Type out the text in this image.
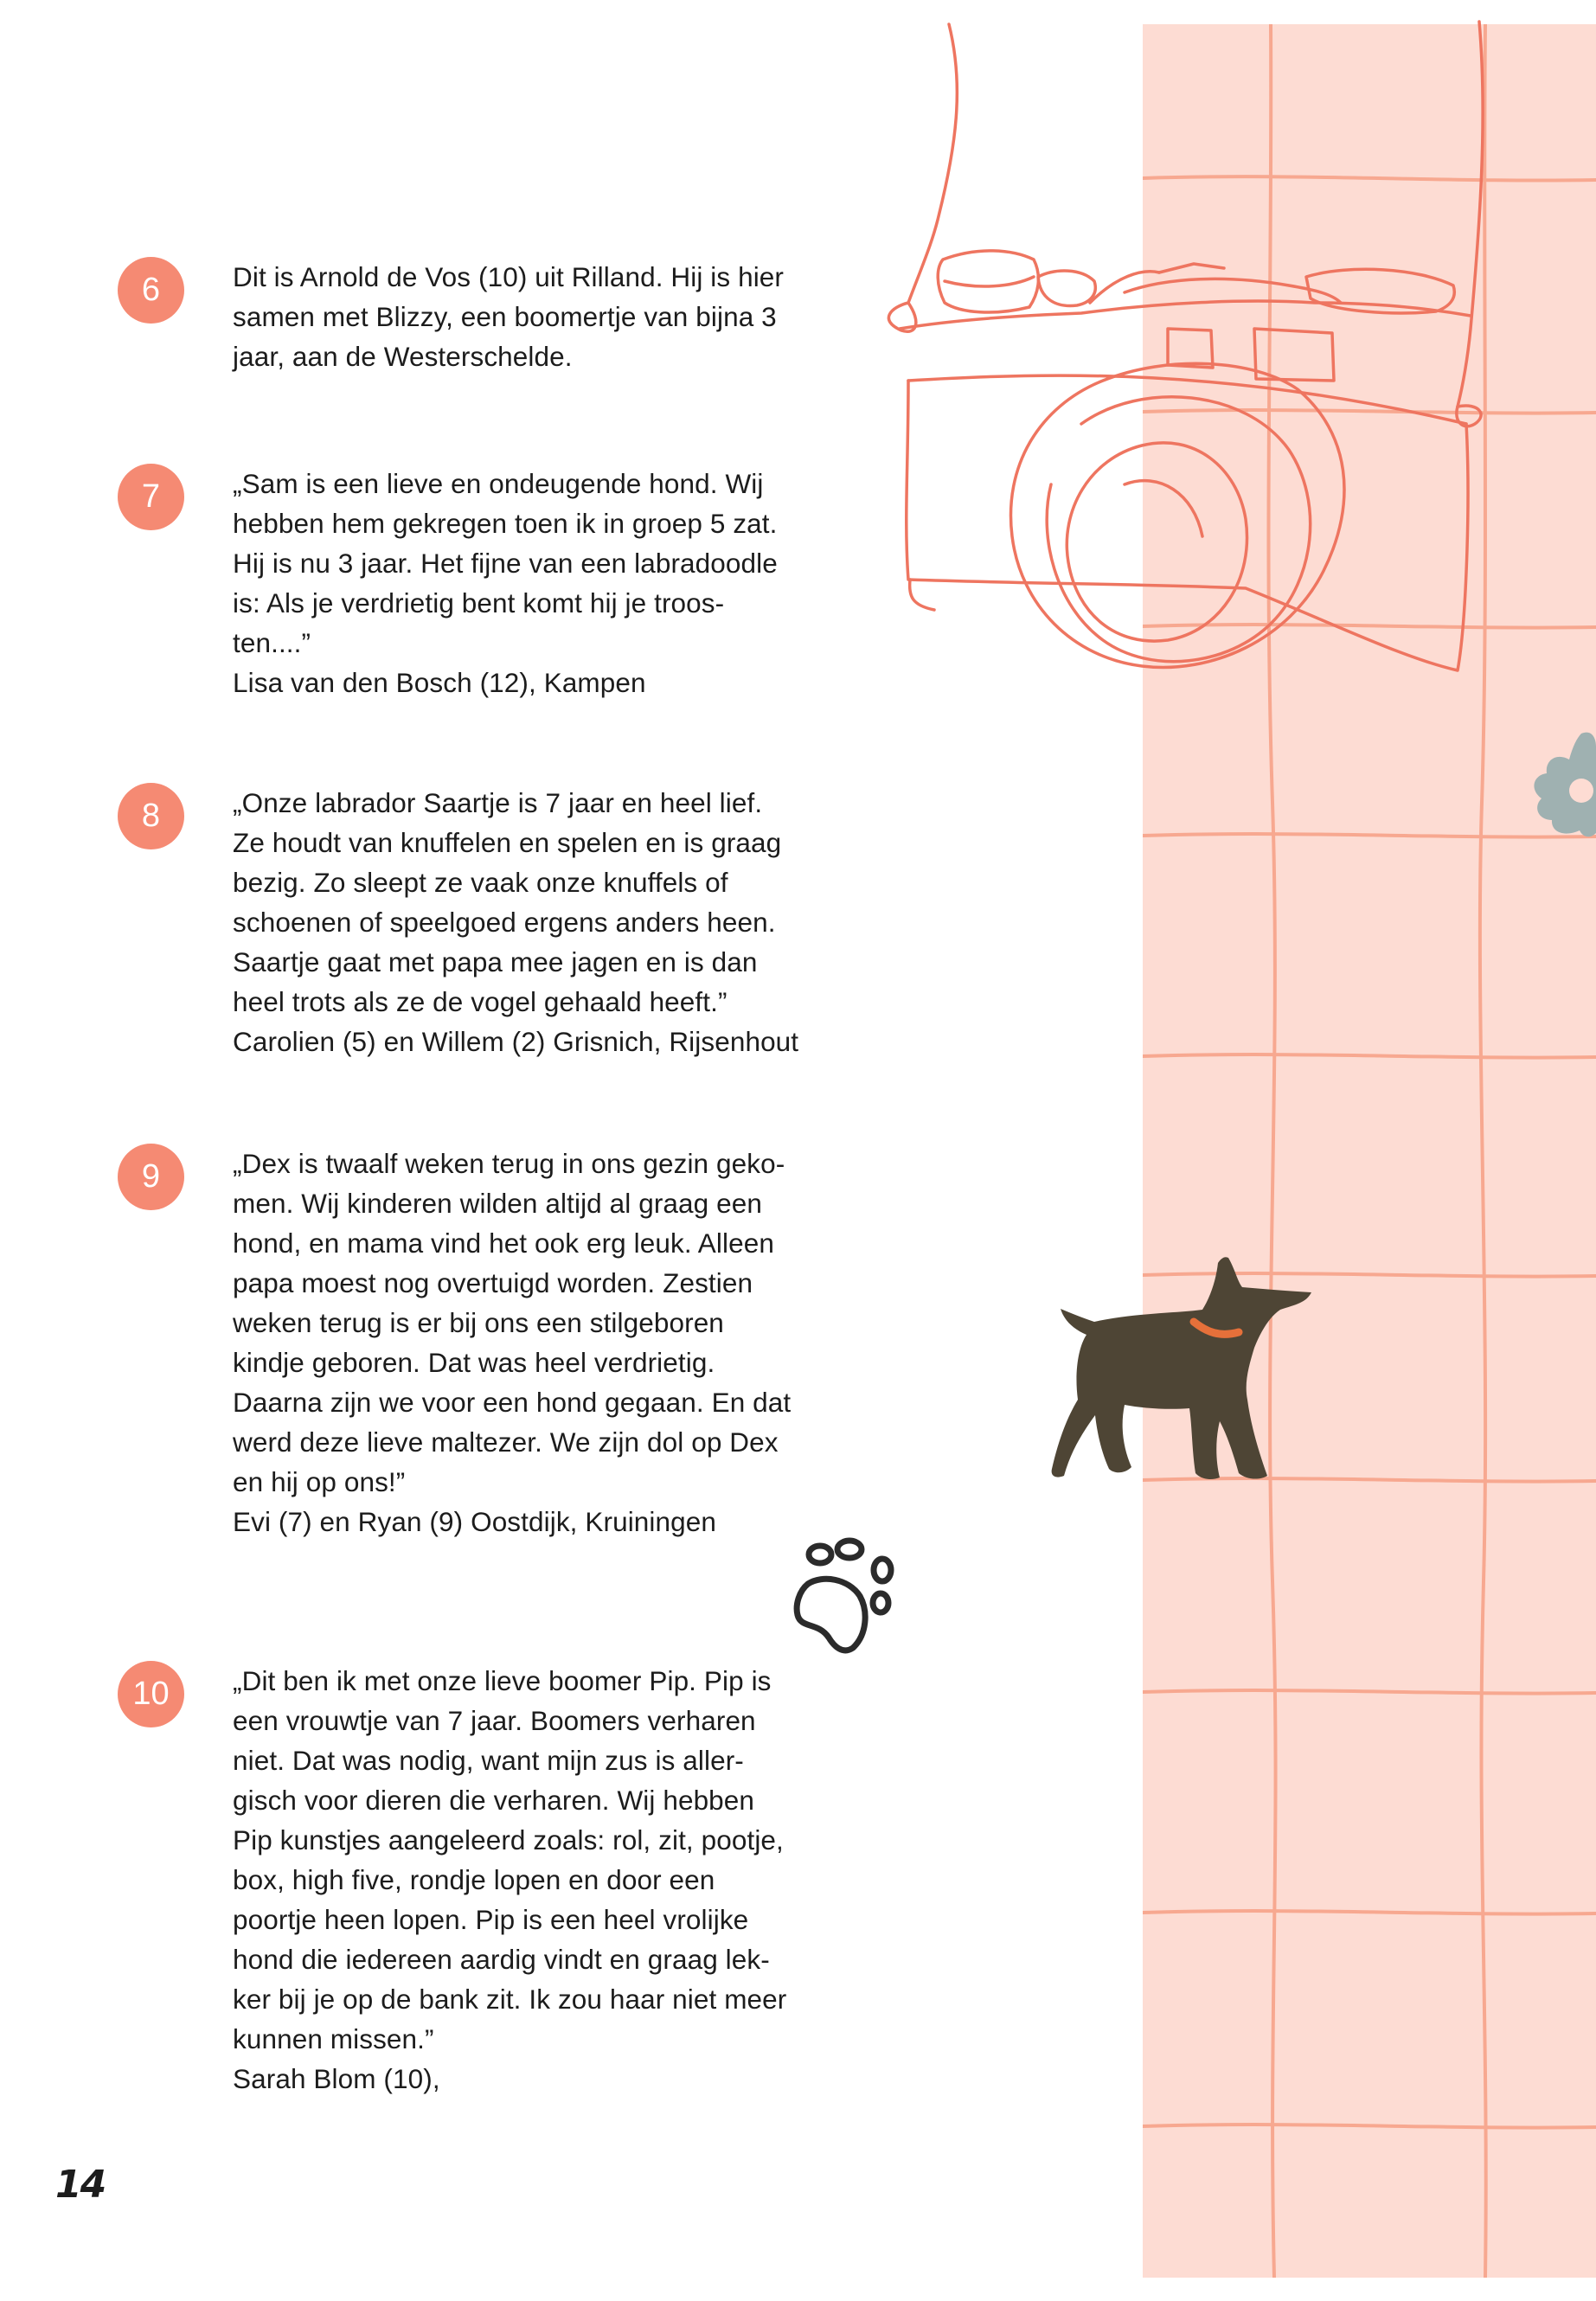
6	Dit is Arnold de Vos (10) uit Rilland. Hij is hier
samen met Blizzy, een boomertje van bijna 3
jaar, aan de Westerschelde.
7	„Sam is een lieve en ondeugende hond. Wij
hebben hem gekregen toen ik in groep 5 zat.
Hij is nu 3 jaar. Het fijne van een labradoodle
is: Als je verdrietig bent komt hij je troos-
ten....”
Lisa van den Bosch (12), Kampen
8	„Onze labrador Saartje is 7 jaar en heel lief.
Ze houdt van knuffelen en spelen en is graag
bezig. Zo sleept ze vaak onze knuffels of
schoenen of speelgoed ergens anders heen.
Saartje gaat met papa mee jagen en is dan
heel trots als ze de vogel gehaald heeft.”
Carolien (5) en Willem (2) Grisnich, Rijsenhout
9	„Dex is twaalf weken terug in ons gezin geko-
men. Wij kinderen wilden altijd al graag een
hond, en mama vind het ook erg leuk. Alleen
papa moest nog overtuigd worden. Zestien
weken terug is er bij ons een stilgeboren
kindje geboren. Dat was heel verdrietig.
Daarna zijn we voor een hond gegaan. En dat
werd deze lieve maltezer. We zijn dol op Dex
en hij op ons!”
Evi (7) en Ryan (9) Oostdijk, Kruiningen
10	„Dit ben ik met onze lieve boomer Pip. Pip is
een vrouwtje van 7 jaar. Boomers verharen
niet. Dat was nodig, want mijn zus is aller-
gisch voor dieren die verharen. Wij hebben
Pip kunstjes aangeleerd zoals: rol, zit, pootje,
box, high five, rondje lopen en door een
poortje heen lopen. Pip is een heel vrolijke
hond die iedereen aardig vindt en graag lek-
ker bij je op de bank zit. Ik zou haar niet meer
kunnen missen.”
Sarah Blom (10),
14
